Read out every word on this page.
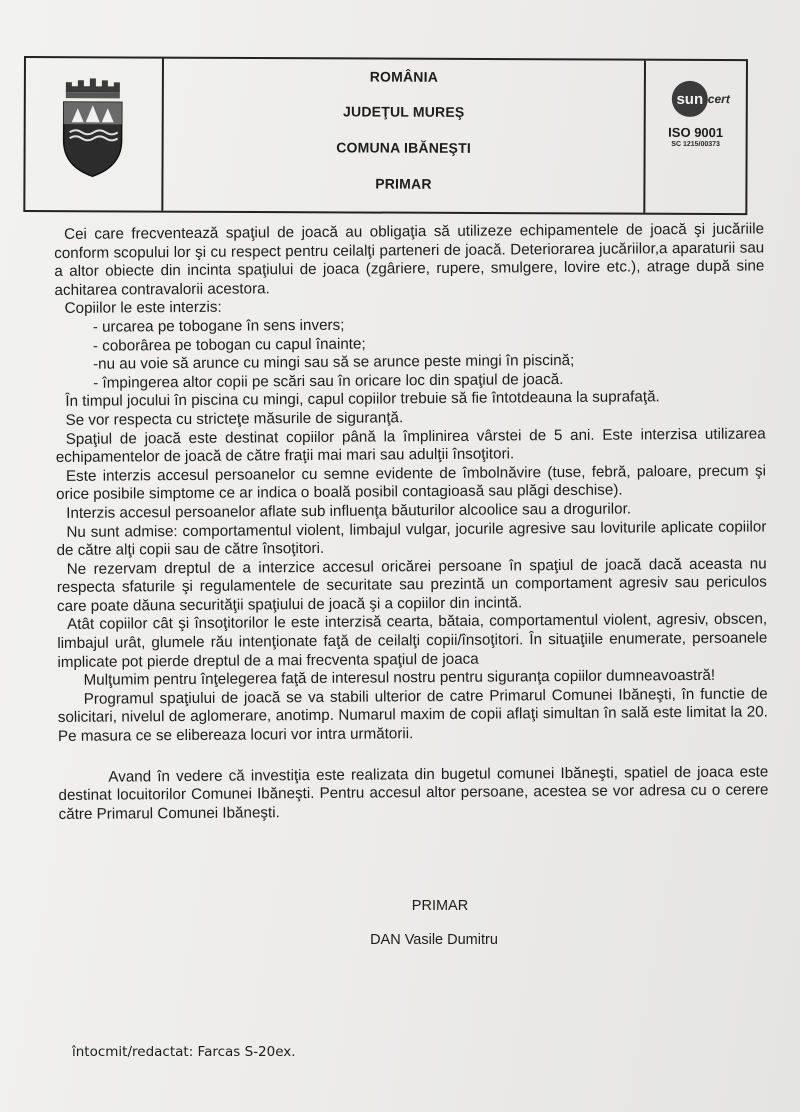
ROMÂNIA
JUDEŢUL MUREŞ
COMUNA IBĂNEŞTI
PRIMAR
sun cert
ISO 9001
SC 1215/00373

Cei care frecventează spaţiul de joacă au obligaţia să utilizeze echipamentele de joacă şi jucăriile conform scopului lor şi cu respect pentru ceilalţi parteneri de joacă. Deteriorarea jucăriilor,a aparaturii sau a altor obiecte din incinta spaţiului de joaca (zgâriere, rupere, smulgere, lovire etc.), atrage după sine achitarea contravalorii acestora.

Copiilor le este interzis:

- urcarea pe tobogane în sens invers;

- coborârea pe tobogan cu capul înainte;

-nu au voie să arunce cu mingi sau să se arunce peste mingi în piscină;

- împingerea altor copii pe scări sau în oricare loc din spaţiul de joacă.

În timpul jocului în piscina cu mingi, capul copiilor trebuie să fie întotdeauna la suprafaţă.

Se vor respecta cu stricteţe măsurile de siguranţă.

Spaţiul de joacă este destinat copiilor până la împlinirea vârstei de 5 ani. Este interzisa utilizarea echipamentelor de joacă de către fraţii mai mari sau adulţii însoţitori.

Este interzis accesul persoanelor cu semne evidente de îmbolnăvire (tuse, febră, paloare, precum şi orice posibile simptome ce ar indica o boală posibil contagioasă sau plăgi deschise).

Interzis accesul persoanelor aflate sub influenţa băuturilor alcoolice sau a drogurilor.

Nu sunt admise: comportamentul violent, limbajul vulgar, jocurile agresive sau loviturile aplicate copiilor de către alţi copii sau de către însoţitori.

Ne rezervam dreptul de a interzice accesul oricărei persoane în spaţiul de joacă dacă aceasta nu respecta sfaturile şi regulamentele de securitate sau prezintă un comportament agresiv sau periculos care poate dăuna securităţii spaţiului de joacă şi a copiilor din incintă.

Atât copiilor cât şi însoţitorilor le este interzisă cearta, bătaia, comportamentul violent, agresiv, obscen, limbajul urât, glumele rău intenţionate faţă de ceilalţi copii/însoţitori. În situaţiile enumerate, persoanele implicate pot pierde dreptul de a mai frecventa spaţiul de joaca

Mulţumim pentru înţelegerea faţă de interesul nostru pentru siguranţa copiilor dumneavoastră!

Programul spaţiului de joacă se va stabili ulterior de catre Primarul Comunei Ibăneşti, în functie de solicitari, nivelul de aglomerare, anotimp. Numarul maxim de copii aflaţi simultan în sală este limitat la 20. Pe masura ce se elibereaza locuri vor intra următorii.

Avand în vedere că investiţia este realizata din bugetul comunei Ibăneşti, spatiel de joaca este destinat locuitorilor Comunei Ibăneşti. Pentru accesul altor persoane, acestea se vor adresa cu o cerere către Primarul Comunei Ibăneşti.

PRIMAR
DAN Vasile Dumitru
întocmit/redactat: Farcas S-20ex.
